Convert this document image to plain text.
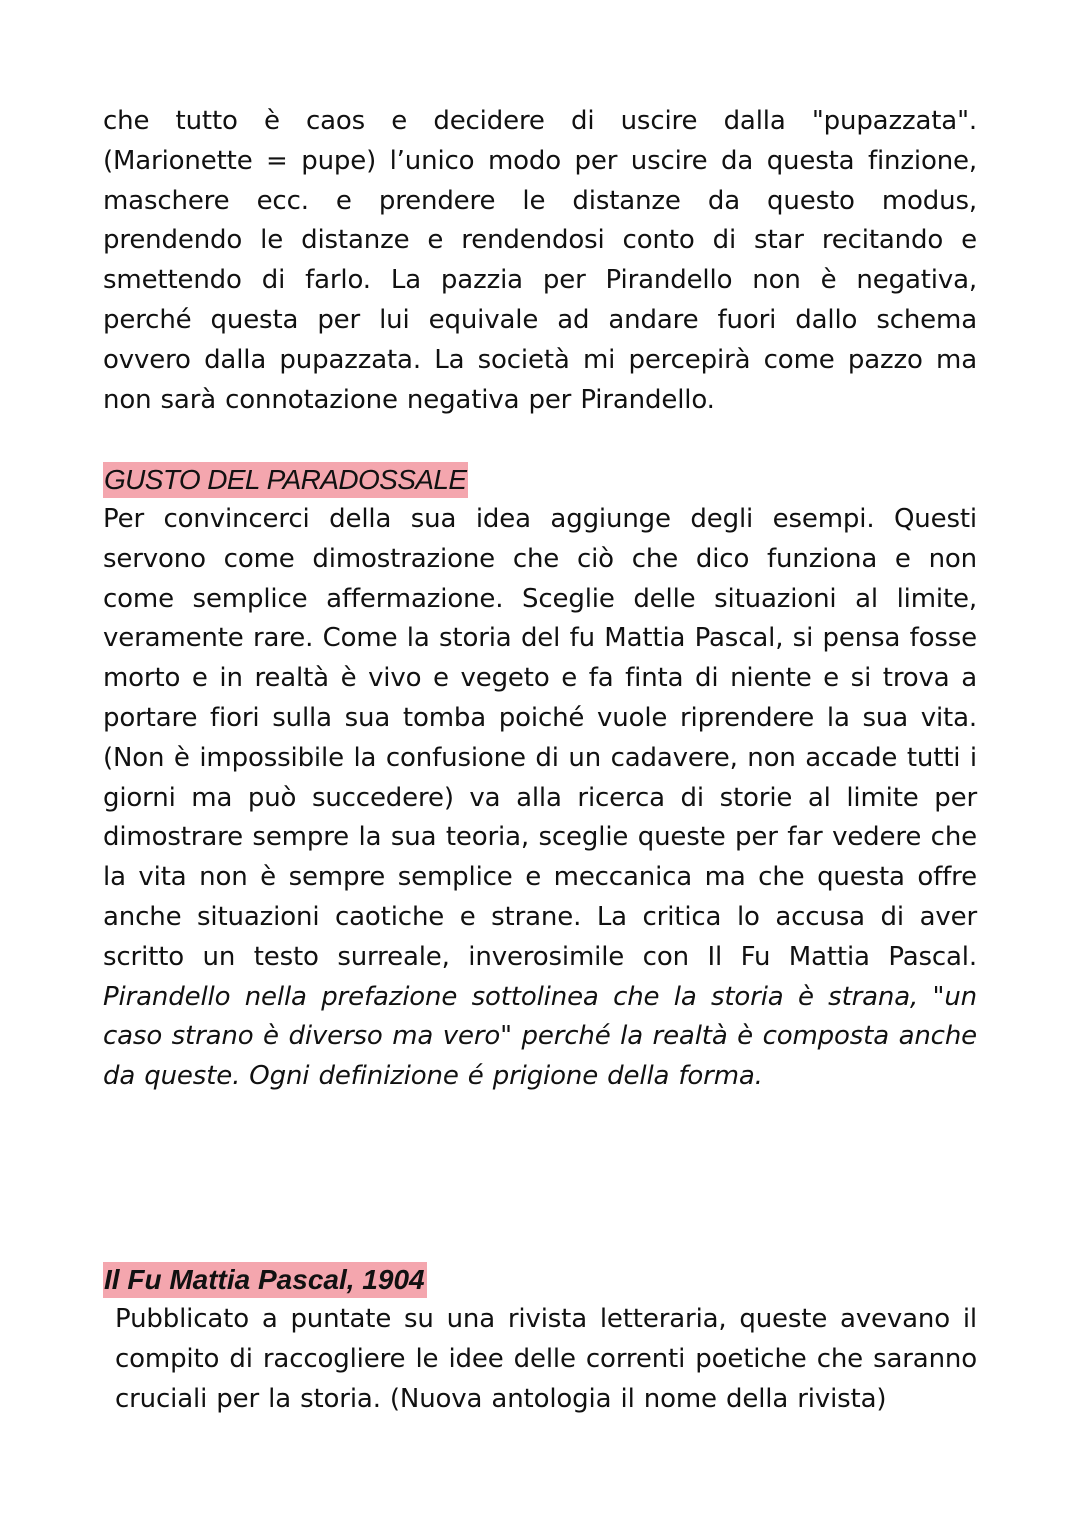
che tutto è caos e decidere di uscire dalla "pupazzata". (Marionette = pupe) l’unico modo per uscire da questa finzione, maschere ecc. e prendere le distanze da questo modus, prendendo le distanze e rendendosi conto di star recitando e smettendo di farlo. La pazzia per Pirandello non è negativa, perché questa per lui equivale ad andare fuori dallo schema ovvero dalla pupazzata. La società mi percepirà come pazzo ma non sarà connotazione negativa per Pirandello.

GUSTO DEL PARADOSSALE

Per convincerci della sua idea aggiunge degli esempi. Questi servono come dimostrazione che ciò che dico funziona e non come semplice affermazione. Sceglie delle situazioni al limite, veramente rare. Come la storia del fu Mattia Pascal, si pensa fosse morto e in realtà è vivo e vegeto e fa finta di niente e si trova a portare fiori sulla sua tomba poiché vuole riprendere la sua vita. (Non è impossibile la confusione di un cadavere, non accade tutti i giorni ma può succedere) va alla ricerca di storie al limite per dimostrare sempre la sua teoria, sceglie queste per far vedere che la vita non è sempre semplice e meccanica ma che questa offre anche situazioni caotiche e strane. La critica lo accusa di aver scritto un testo surreale, inverosimile con Il Fu Mattia Pascal. Pirandello nella prefazione sottolinea che la storia è strana, "un caso strano è diverso ma vero" perché la realtà è composta anche da queste. Ogni definizione é prigione della forma.

Il Fu Mattia Pascal, 1904

Pubblicato a puntate su una rivista letteraria, queste avevano il compito di raccogliere le idee delle correnti poetiche che saranno cruciali per la storia. (Nuova antologia il nome della rivista)
